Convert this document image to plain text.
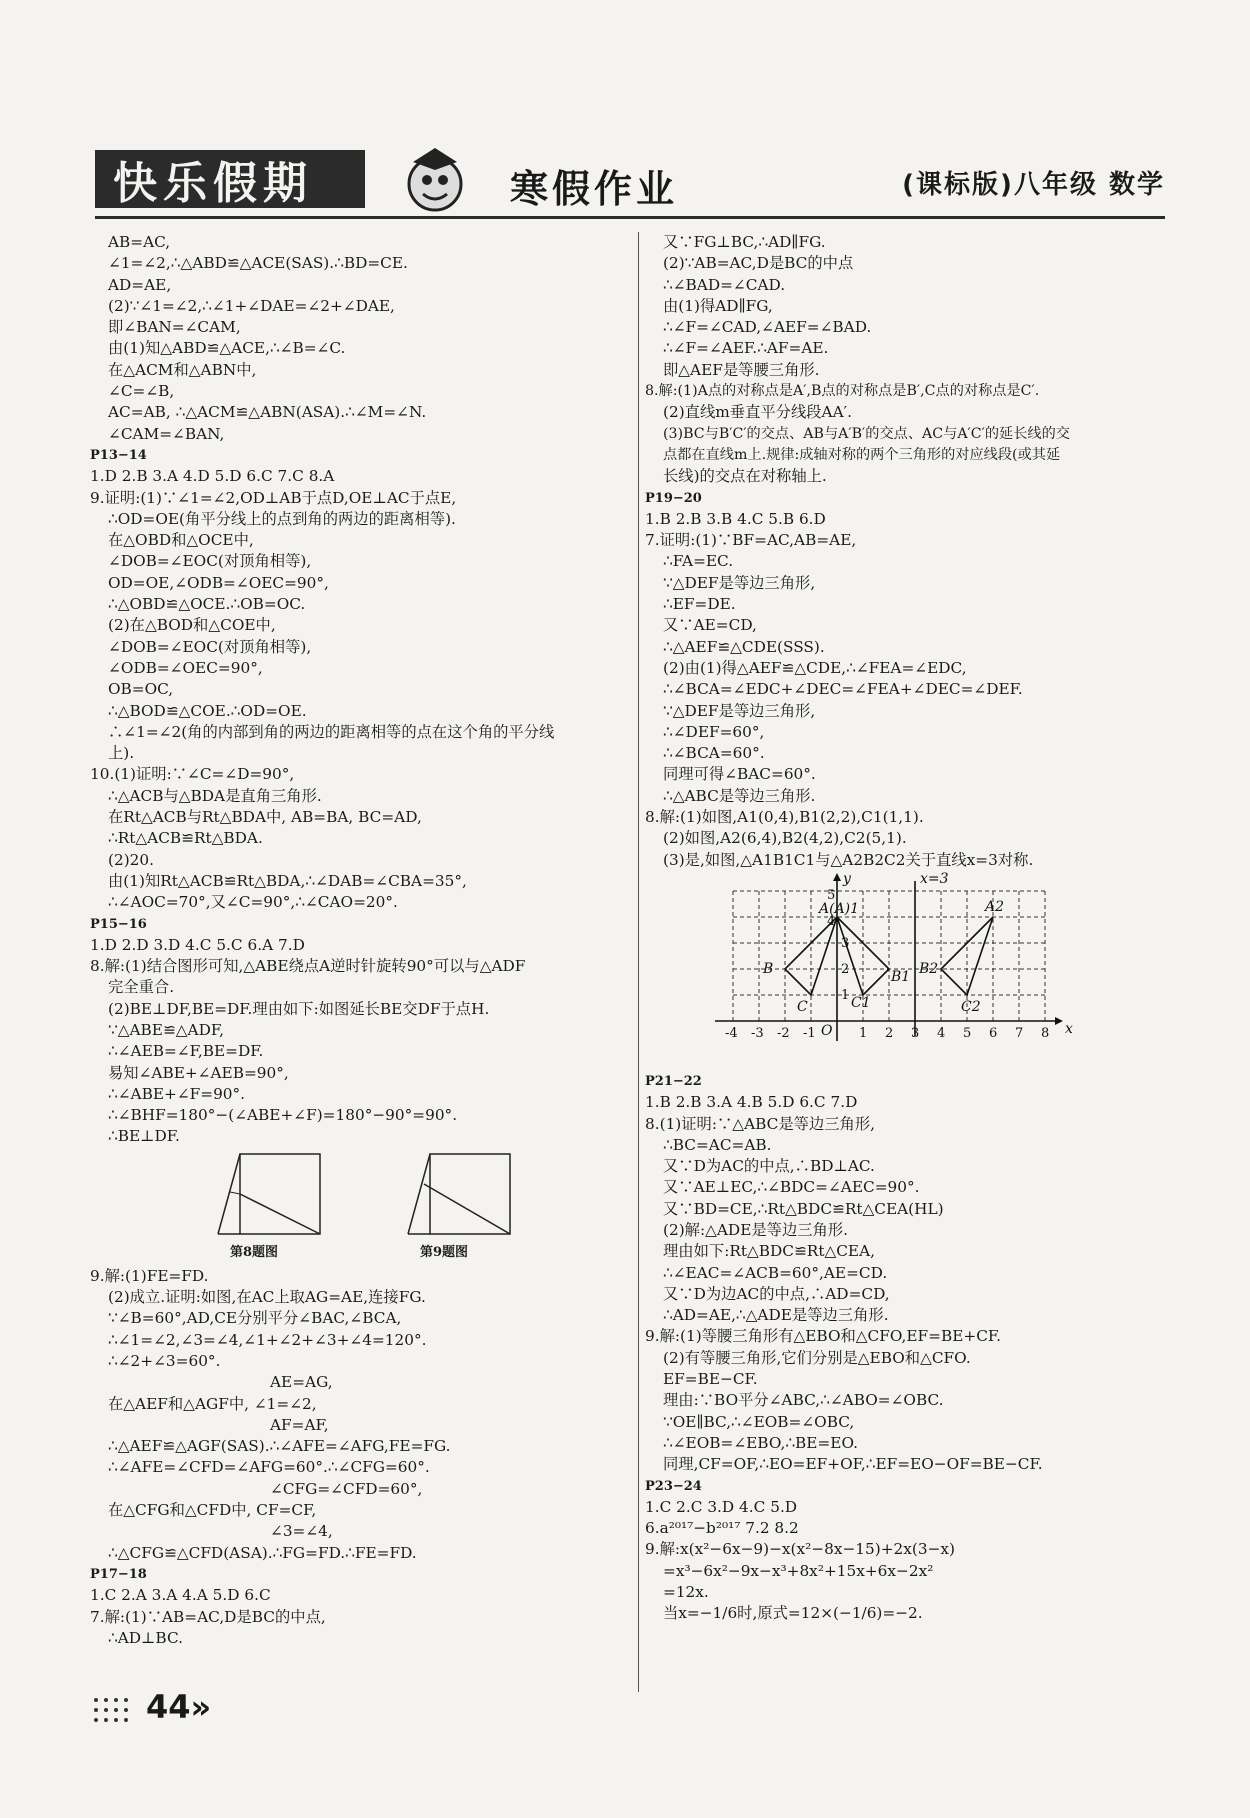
快乐假期	寒假作业	(课标版)八年级 数学
AB=AC,
∠1=∠2,∴△ABD≌△ACE(SAS).∴BD=CE.
AD=AE,
(2)∵∠1=∠2,∴∠1+∠DAE=∠2+∠DAE,
即∠BAN=∠CAM,
由(1)知△ABD≌△ACE,∴∠B=∠C.
在△ACM和△ABN中,
∠C=∠B,
AC=AB, ∴△ACM≌△ABN(ASA).∴∠M=∠N.
∠CAM=∠BAN,
P13−14
1.D 2.B 3.A 4.D 5.D 6.C 7.C 8.A
9.证明:(1)∵∠1=∠2,OD⊥AB于点D,OE⊥AC于点E,
∴OD=OE(角平分线上的点到角的两边的距离相等).
在△OBD和△OCE中,
∠DOB=∠EOC(对顶角相等),
OD=OE,∠ODB=∠OEC=90°,
∴△OBD≌△OCE.∴OB=OC.
(2)在△BOD和△COE中,
∠DOB=∠EOC(对顶角相等),
∠ODB=∠OEC=90°,
OB=OC,
∴△BOD≌△COE.∴OD=OE.
∴∠1=∠2(角的内部到角的两边的距离相等的点在这个角的平分线
上).
10.(1)证明:∵∠C=∠D=90°,
∴△ACB与△BDA是直角三角形.
在Rt△ACB与Rt△BDA中, AB=BA, BC=AD,
∴Rt△ACB≌Rt△BDA.
(2)20.
由(1)知Rt△ACB≌Rt△BDA,∴∠DAB=∠CBA=35°,
∴∠AOC=70°,又∠C=90°,∴∠CAO=20°.
P15−16
1.D 2.D 3.D 4.C 5.C 6.A 7.D
8.解:(1)结合图形可知,△ABE绕点A逆时针旋转90°可以与△ADF
完全重合.
(2)BE⊥DF,BE=DF.理由如下:如图延长BE交DF于点H.
∵△ABE≌△ADF,
∴∠AEB=∠F,BE=DF.
易知∠ABE+∠AEB=90°,
∴∠ABE+∠F=90°.
∴∠BHF=180°−(∠ABE+∠F)=180°−90°=90°.
∴BE⊥DF.
第8题图	第9题图
9.解:(1)FE=FD.
(2)成立.证明:如图,在AC上取AG=AE,连接FG.
∵∠B=60°,AD,CE分别平分∠BAC,∠BCA,
∴∠1=∠2,∠3=∠4,∠1+∠2+∠3+∠4=120°.
∴∠2+∠3=60°.
AE=AG,
在△AEF和△AGF中, ∠1=∠2,
AF=AF,
∴△AEF≌△AGF(SAS).∴∠AFE=∠AFG,FE=FG.
∴∠AFE=∠CFD=∠AFG=60°.∴∠CFG=60°.
∠CFG=∠CFD=60°,
在△CFG和△CFD中, CF=CF,
∠3=∠4,
∴△CFG≌△CFD(ASA).∴FG=FD.∴FE=FD.
P17−18
1.C 2.A 3.A 4.A 5.D 6.C
7.解:(1)∵AB=AC,D是BC的中点,
∴AD⊥BC.
又∵FG⊥BC,∴AD∥FG.
(2)∵AB=AC,D是BC的中点
∴∠BAD=∠CAD.
由(1)得AD∥FG,
∴∠F=∠CAD,∠AEF=∠BAD.
∴∠F=∠AEF.∴AF=AE.
即△AEF是等腰三角形.
8.解:(1)A点的对称点是A′,B点的对称点是B′,C点的对称点是C′.
(2)直线m垂直平分线段AA′.
(3)BC与B′C′的交点、AB与A′B′的交点、AC与A′C′的延长线的交
点都在直线m上.规律:成轴对称的两个三角形的对应线段(或其延
长线)的交点在对称轴上.
P19−20
1.B 2.B 3.B 4.C 5.B 6.D
7.证明:(1)∵BF=AC,AB=AE,
∴FA=EC.
∵△DEF是等边三角形,
∴EF=DE.
又∵AE=CD,
∴△AEF≌△CDE(SSS).
(2)由(1)得△AEF≌△CDE,∴∠FEA=∠EDC,
∴∠BCA=∠EDC+∠DEC=∠FEA+∠DEC=∠DEF.
∵△DEF是等边三角形,
∴∠DEF=60°,
∴∠BCA=60°.
同理可得∠BAC=60°.
∴△ABC是等边三角形.
8.解:(1)如图,A1(0,4),B1(2,2),C1(1,1).
(2)如图,A2(6,4),B2(4,2),C2(5,1).
(3)是,如图,△A1B1C1与△A2B2C2关于直线x=3对称.
x=3
y
x
A(A)1	A2
B	B1 B2
C	C1	C2
O
-4 -3 -2 -1	1 2 3 4 5 6 7 8
1
2
3
4
5
P21−22
1.B 2.B 3.A 4.B 5.D 6.C 7.D
8.(1)证明:∵△ABC是等边三角形,
∴BC=AC=AB.
又∵D为AC的中点,∴BD⊥AC.
又∵AE⊥EC,∴∠BDC=∠AEC=90°.
又∵BD=CE,∴Rt△BDC≌Rt△CEA(HL)
(2)解:△ADE是等边三角形.
理由如下:Rt△BDC≌Rt△CEA,
∴∠EAC=∠ACB=60°,AE=CD.
又∵D为边AC的中点,∴AD=CD,
∴AD=AE,∴△ADE是等边三角形.
9.解:(1)等腰三角形有△EBO和△CFO,EF=BE+CF.
(2)有等腰三角形,它们分别是△EBO和△CFO.
EF=BE−CF.
理由:∵BO平分∠ABC,∴∠ABO=∠OBC.
∵OE∥BC,∴∠EOB=∠OBC,
∴∠EOB=∠EBO,∴BE=EO.
同理,CF=OF,∴EO=EF+OF,∴EF=EO−OF=BE−CF.
P23−24
1.C 2.C 3.D 4.C 5.D
6.a²⁰¹⁷−b²⁰¹⁷ 7.2 8.2
9.解:x(x²−6x−9)−x(x²−8x−15)+2x(3−x)
=x³−6x²−9x−x³+8x²+15x+6x−2x²
=12x.
当x=−1/6时,原式=12×(−1/6)=−2.
44»
